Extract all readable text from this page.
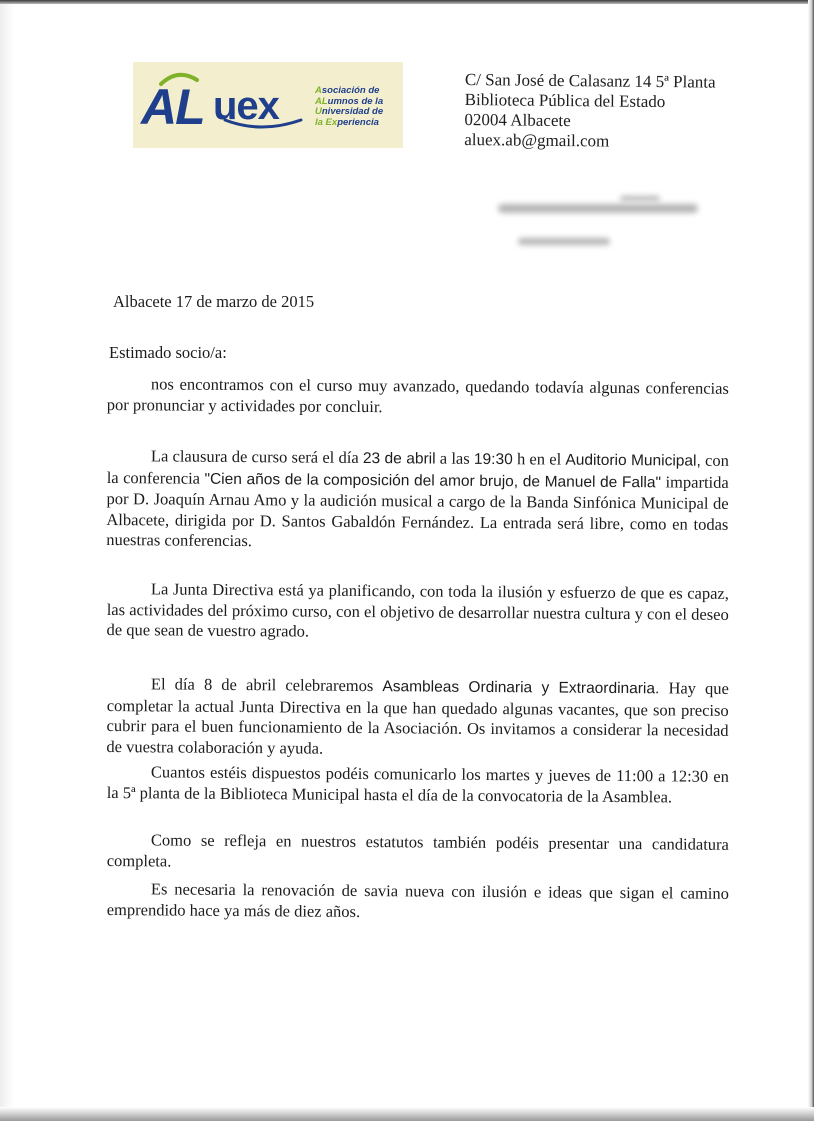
AL uex	Asociación de
ALumnos de la
Universidad de
la Experiencia
C/ San José de Calasanz 14 5ª Planta
Biblioteca Pública del Estado
02004 Albacete
aluex.ab@gmail.com
Albacete 17 de marzo de 2015
Estimado socio/a:
nos encontramos con el curso muy avanzado, quedando todavía algunas conferencias por pronunciar y actividades por concluir.
La clausura de curso será el día 23 de abril a las 19:30 h en el Auditorio Municipal, con la conferencia "Cien años de la composición del amor brujo, de Manuel de Falla" impartida por D. Joaquín Arnau Amo y la audición musical a cargo de la Banda Sinfónica Municipal de Albacete, dirigida por D. Santos Gabaldón Fernández. La entrada será libre, como en todas nuestras conferencias.
La Junta Directiva está ya planificando, con toda la ilusión y esfuerzo de que es capaz, las actividades del próximo curso, con el objetivo de desarrollar nuestra cultura y con el deseo de que sean de vuestro agrado.
El día 8 de abril celebraremos Asambleas Ordinaria y Extraordinaria. Hay que completar la actual Junta Directiva en la que han quedado algunas vacantes, que son preciso cubrir para el buen funcionamiento de la Asociación. Os invitamos a considerar la necesidad de vuestra colaboración y ayuda.
Cuantos estéis dispuestos podéis comunicarlo los martes y jueves de 11:00 a 12:30 en la 5ª planta de la Biblioteca Municipal hasta el día de la convocatoria de la Asamblea.
Como se refleja en nuestros estatutos también podéis presentar una candidatura completa.
Es necesaria la renovación de savia nueva con ilusión e ideas que sigan el camino emprendido hace ya más de diez años.
